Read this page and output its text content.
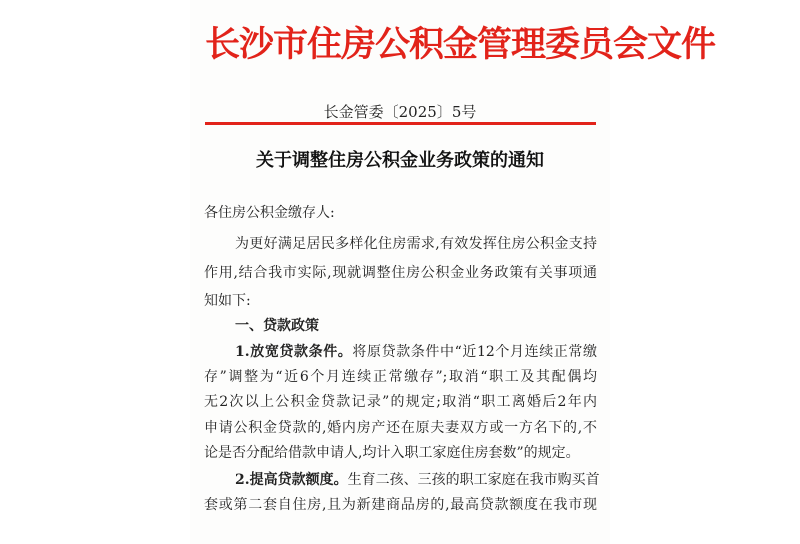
长沙市住房公积金管理委员会文件
长金管委〔2025〕5号
关于调整住房公积金业务政策的通知
各住房公积金缴存人:
为更好满足居民多样化住房需求,有效发挥住房公积金支持
作用,结合我市实际,现就调整住房公积金业务政策有关事项通
知如下:
一、贷款政策
1.放宽贷款条件。将原贷款条件中“近12个月连续正常缴
存”调整为“近6个月连续正常缴存”;取消“职工及其配偶均
无2次以上公积金贷款记录”的规定;取消“职工离婚后2年内
申请公积金贷款的,婚内房产还在原夫妻双方或一方名下的,不
论是否分配给借款申请人,均计入职工家庭住房套数”的规定。
2.提高贷款额度。生育二孩、三孩的职工家庭在我市购买首
套或第二套自住房,且为新建商品房的,最高贷款额度在我市现
